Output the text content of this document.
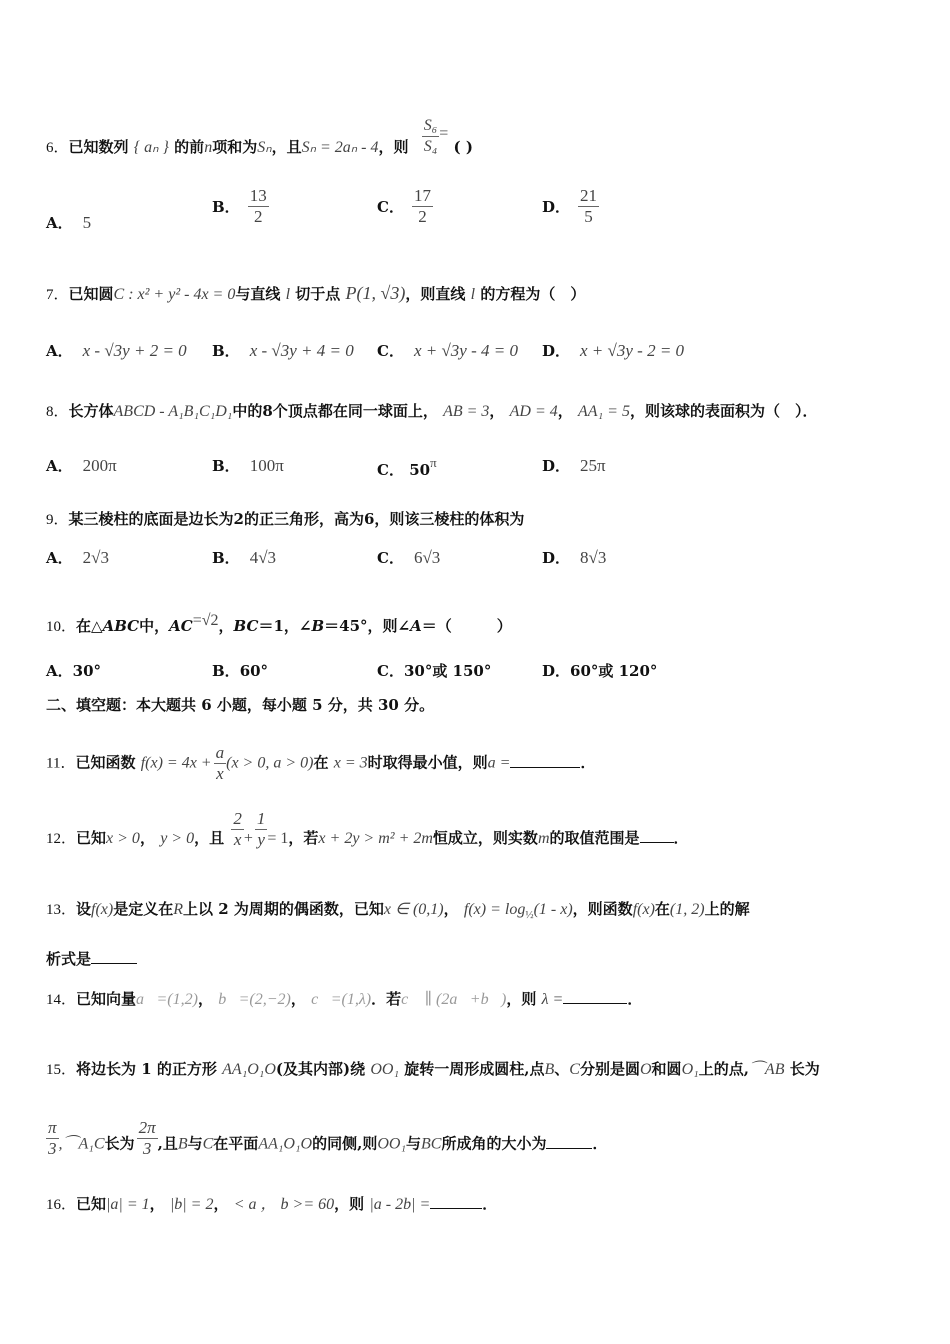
6．已知数列 { aₙ } 的前n项和为Sₙ，且Sₙ = 2aₙ - 4，则 $\frac{\text{S₆}}{\text{S₄}}$ = ( )
A． 5
B． $\frac{13}{2}$	C． $\frac{17}{2}$	D． $\frac{21}{5}$
7．已知圆C : x² + y² - 4x = 0与直线 l 切于点 P(1, √3)，则直线 l 的方程为（　）
A． x - √3y + 2 = 0 B． x - √3y + 4 = 0 C． x + √3y - 4 = 0 D． x + √3y - 2 = 0
8．长方体ABCD - A₁B₁C₁D₁中的8个顶点都在同一球面上， AB = 3， AD = 4， AA₁ = 5，则该球的表面积为（　）．
A． 200π	B． 100π	C． 50π	D． 25π
9．某三棱柱的底面是边长为2的正三角形，高为6，则该三棱柱的体积为
A． 2√3	B． 4√3	C． 6√3	D． 8√3
10．在△ABC中，AC=√2，BC＝1，∠B＝45°，则∠A＝（　　　）
A．30°	B．60°	C．30°或 150°	D．60°或 120°
二、填空题：本大题共 6 小题，每小题 5 分，共 30 分。
11．已知函数 $f(x) = 4x + \frac{a}{x} (x > 0$, a > 0)在 x = 3时取得最小值，则a =	．
12．已知x > 0， y > 0，且 $\frac{2}{x} + \frac{1}{y} = 1$，若x + 2y > m² + 2m恒成立，则实数m的取值范围是 ．
13．设f(x)是定义在R上以 2 为周期的偶函数，已知x ∈ (0,1)， $f(x) = \log_{\frac{1}{2}}(1 - x)$，则函数f(x)在(1, 2)上的解
析式是
14．已知向量a⃗=(1,2)， b⃗=(2,−2)， c⃗=(1,λ)．若c⃗ ∥ (2a⃗+b⃗)，则 λ =	．
15．将边长为 1 的正方形 AA₁O₁O(及其内部)绕 OO₁ 旋转一周形成圆柱,点B、C分别是圆O和圆O₁上的点,⌒AB 长为
$\frac{\pi}{3}$ ,⌒A₁C长为 $\frac{2\pi}{3}$ ,且B与C在平面AA₁O₁O的同侧,则OO₁与BC所成角的大小为	．
16．已知|a| = 1， |b| = 2， < a ， b >= 60，则 |a - 2b| =	．
